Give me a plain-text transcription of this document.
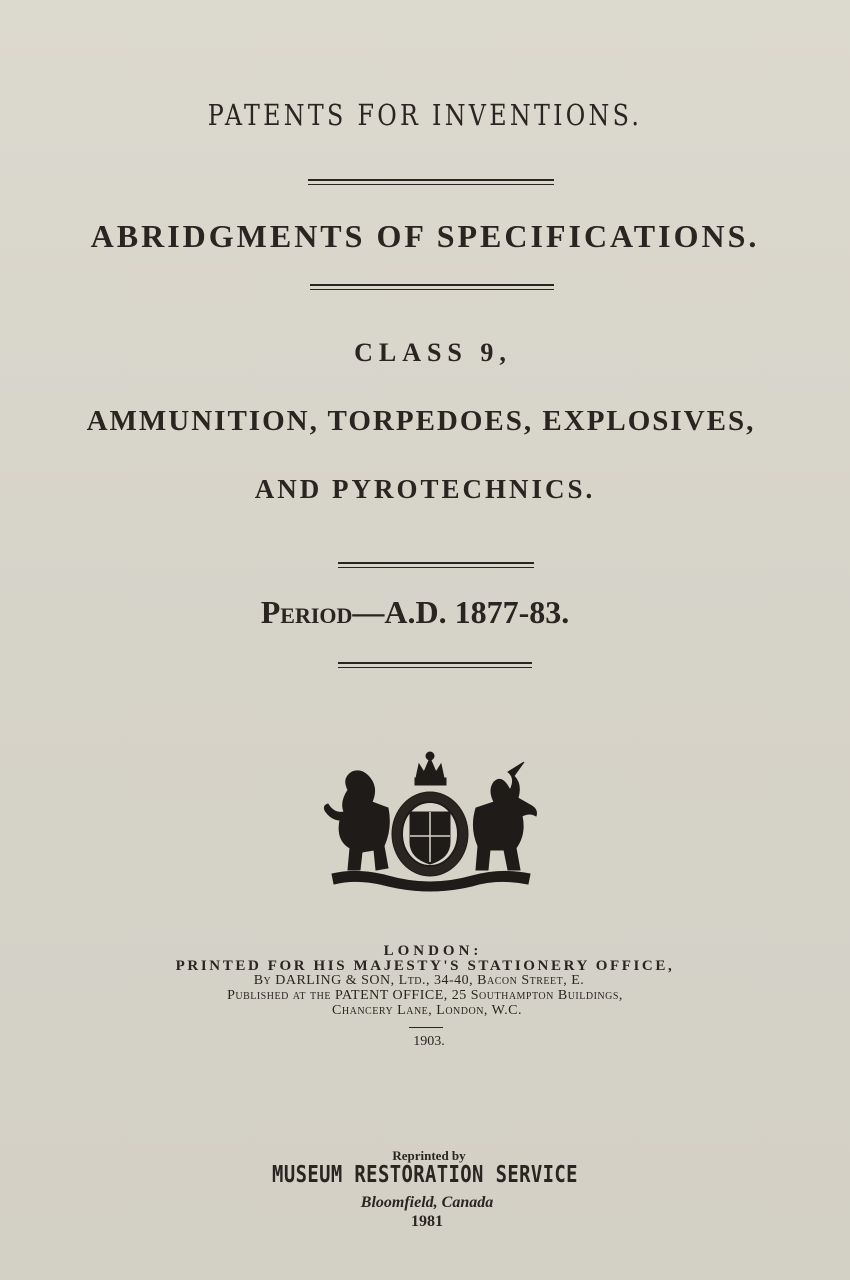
PATENTS FOR INVENTIONS.
ABRIDGMENTS OF SPECIFICATIONS.
CLASS 9,
AMMUNITION, TORPEDOES, EXPLOSIVES,
AND PYROTECHNICS.
Period—A.D. 1877-83.
LONDON:
PRINTED FOR HIS MAJESTY'S STATIONERY OFFICE,
By DARLING & SON, Ltd., 34-40, Bacon Street, E.
Published at the PATENT OFFICE, 25 Southampton Buildings,
Chancery Lane, London, W.C.
1903.
Reprinted by
MUSEUM RESTORATION SERVICE
Bloomfield, Canada
1981
